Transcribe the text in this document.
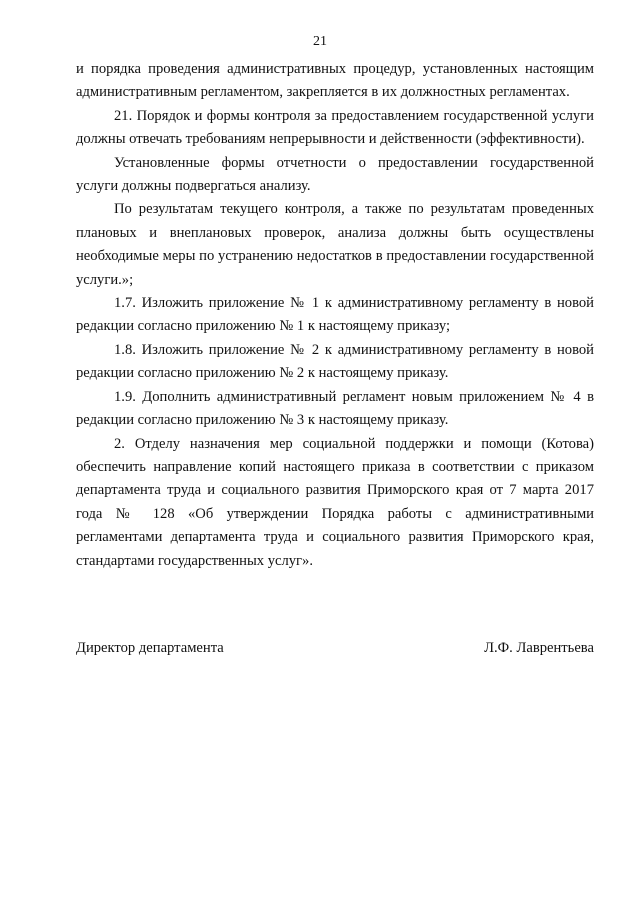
21

и порядка проведения административных процедур, установленных настоящим административным регламентом, закрепляется в их должностных регламентах.

21. Порядок и формы контроля за предоставлением государственной услуги должны отвечать требованиям непрерывности и действенности (эффективности).

Установленные формы отчетности о предоставлении государственной услуги должны подвергаться анализу.

По результатам текущего контроля, а также по результатам проведенных плановых и внеплановых проверок, анализа должны быть осуществлены необходимые меры по устранению недостатков в предоставлении государственной услуги.»;

1.7. Изложить приложение № 1 к административному регламенту в новой редакции согласно приложению № 1 к настоящему приказу;

1.8. Изложить приложение № 2 к административному регламенту в новой редакции согласно приложению № 2 к настоящему приказу.

1.9. Дополнить административный регламент новым приложением № 4 в редакции согласно приложению № 3 к настоящему приказу.

2. Отделу назначения мер социальной поддержки и помощи (Котова) обеспечить направление копий настоящего приказа в соответствии с приказом департамента труда и социального развития Приморского края от 7 марта 2017 года № 128 «Об утверждении Порядка работы с административными регламентами департамента труда и социального развития Приморского края, стандартами государственных услуг».

Директор департамента	Л.Ф. Лаврентьева
